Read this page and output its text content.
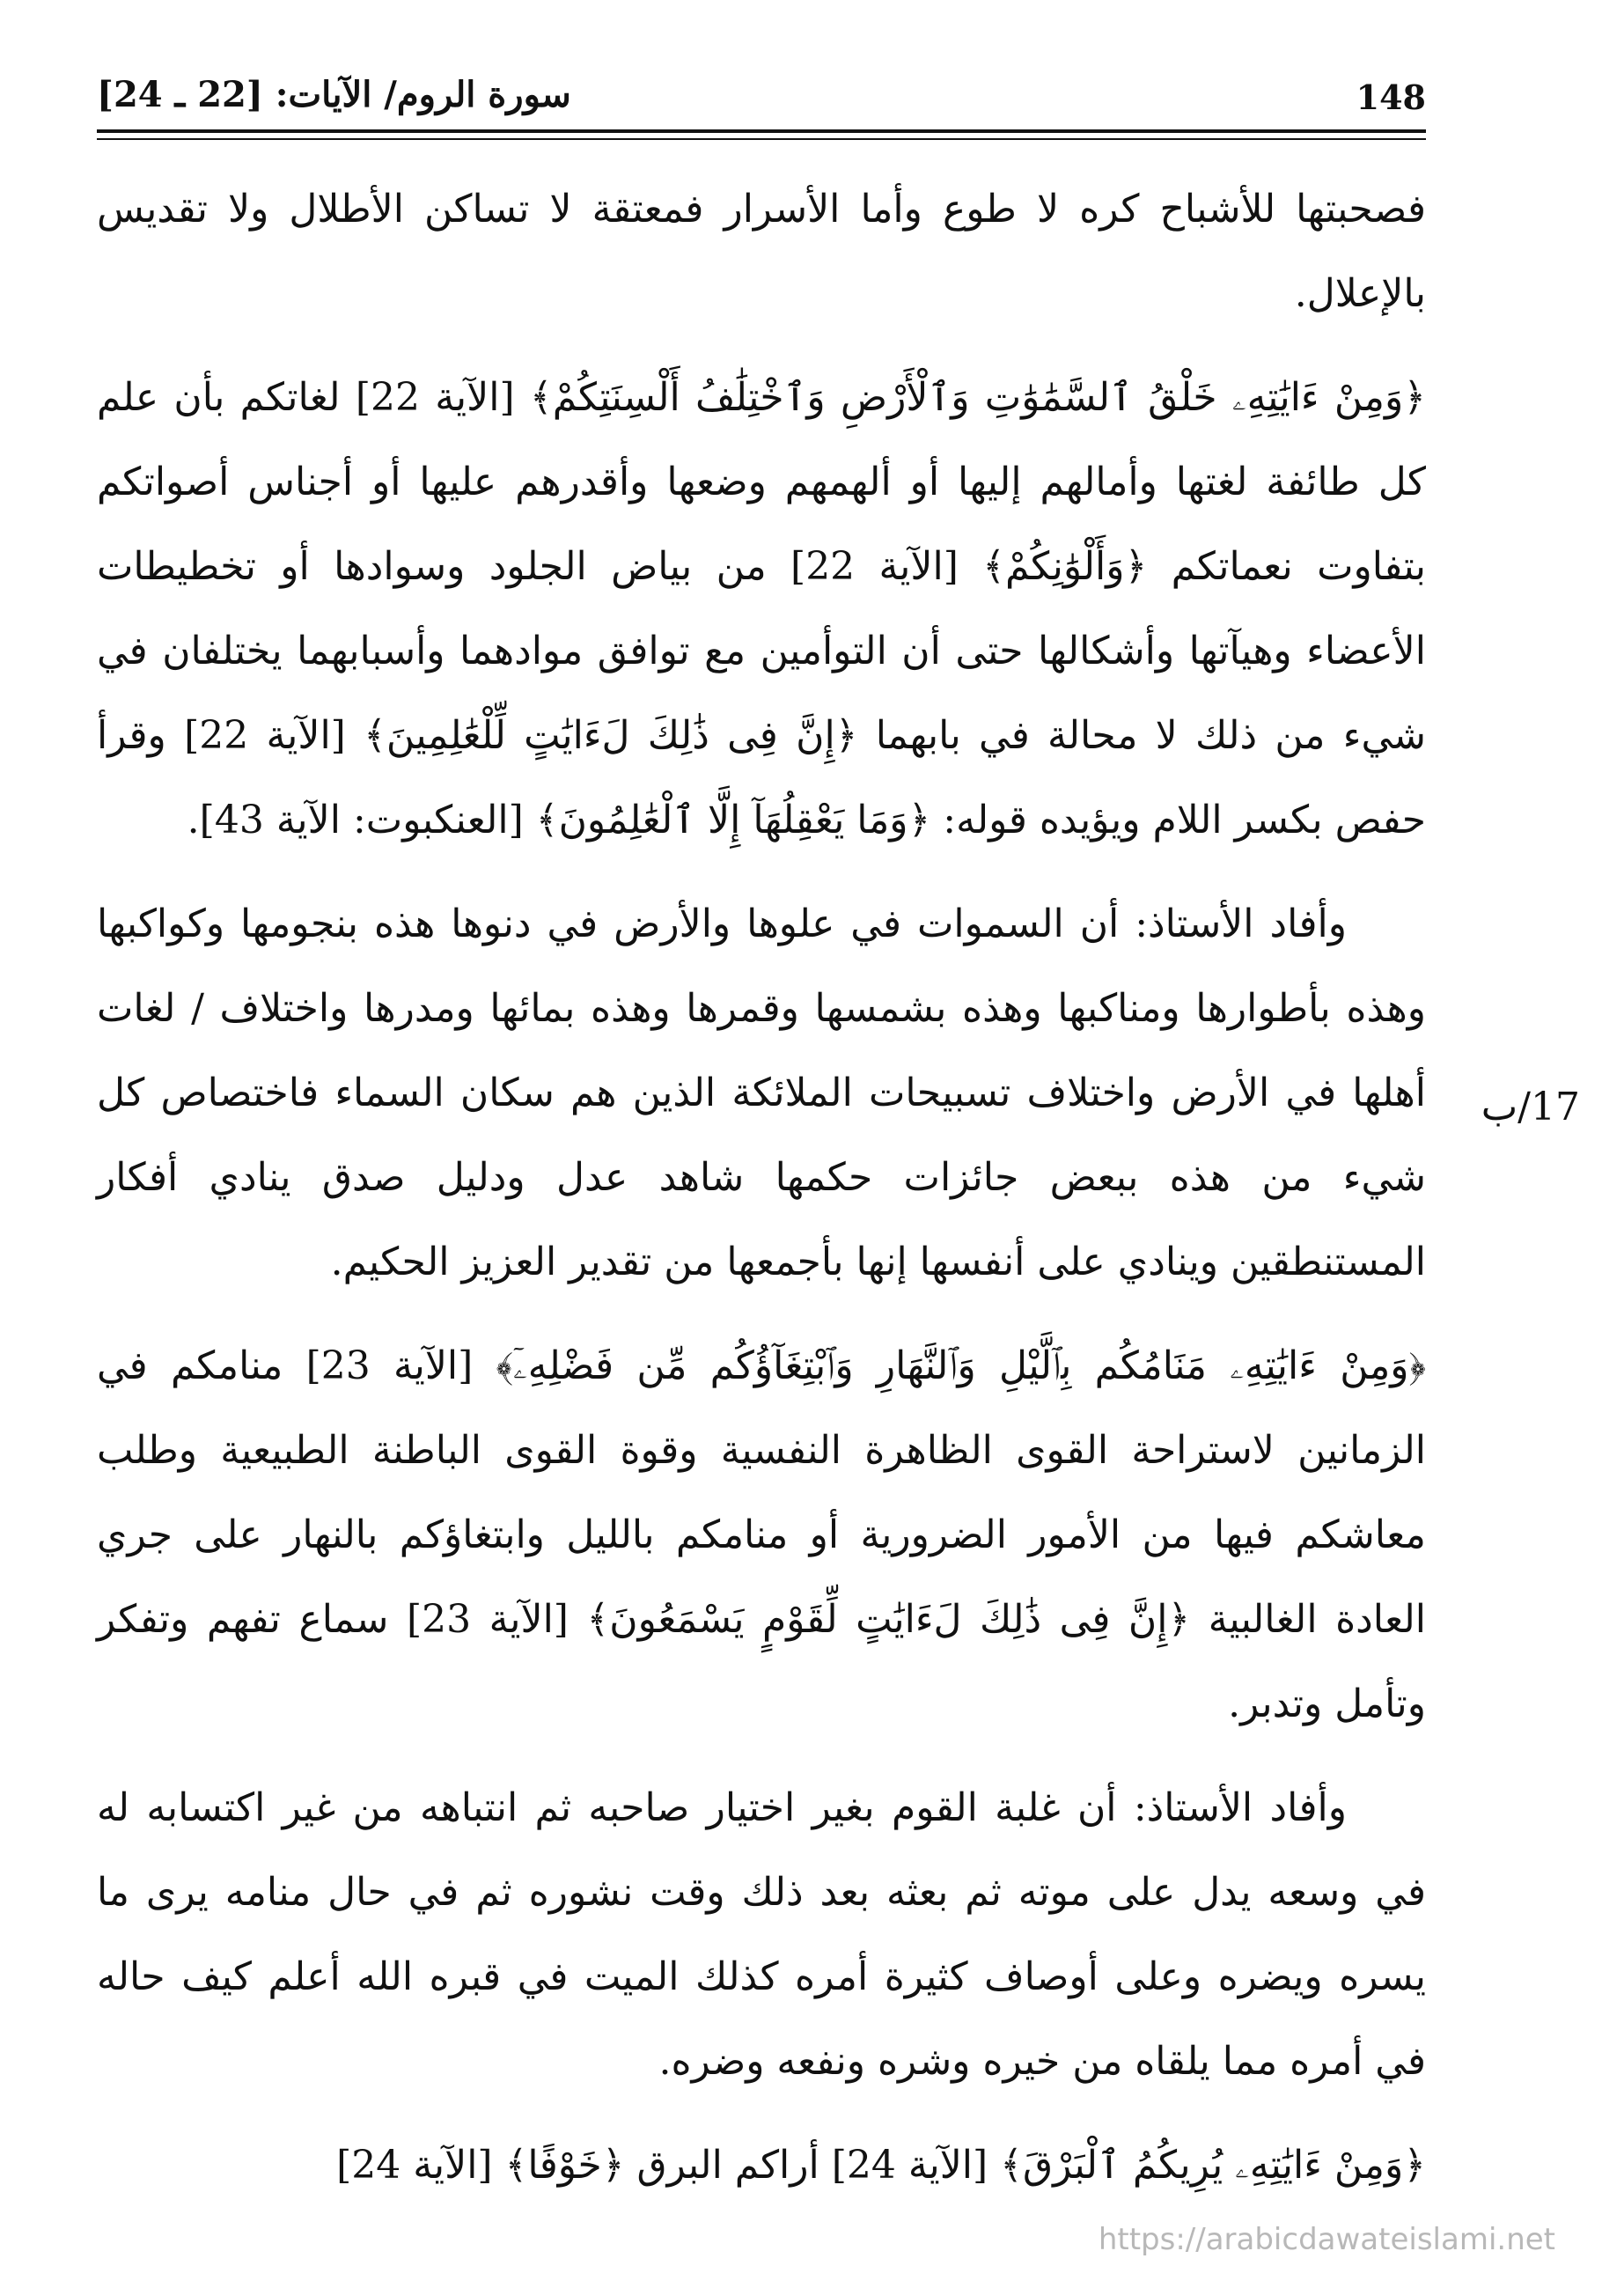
148
سورة الروم/ الآيات: [22 ـ 24]
17/ب

فصحبتها للأشباح كره لا طوع وأما الأسرار فمعتقة لا تساكن الأطلال ولا تقديس بالإعلال.

﴿وَمِنْ ءَايَٰتِهِۦ خَلْقُ ٱلسَّمَٰوَٰتِ وَٱلْأَرْضِ وَٱخْتِلَٰفُ أَلْسِنَتِكُمْ﴾ [الآية 22] لغاتكم بأن علم كل طائفة لغتها وأمالهم إليها أو ألهمهم وضعها وأقدرهم عليها أو أجناس أصواتكم بتفاوت نعماتكم ﴿وَأَلْوَٰنِكُمْ﴾ [الآية 22] من بياض الجلود وسوادها أو تخطيطات الأعضاء وهيآتها وأشكالها حتى أن التوأمين مع توافق موادهما وأسبابهما يختلفان في شيء من ذلك لا محالة في بابهما ﴿إِنَّ فِى ذَٰلِكَ لَءَايَٰتٍ لِّلْعَٰلِمِينَ﴾ [الآية 22] وقرأ حفص بكسر اللام ويؤيده قوله: ﴿وَمَا يَعْقِلُهَآ إِلَّا ٱلْعَٰلِمُونَ﴾ [العنكبوت: الآية 43].

وأفاد الأستاذ: أن السموات في علوها والأرض في دنوها هذه بنجومها وكواكبها وهذه بأطوارها ومناكبها وهذه بشمسها وقمرها وهذه بمائها ومدرها واختلاف / لغات أهلها في الأرض واختلاف تسبيحات الملائكة الذين هم سكان السماء فاختصاص كل شيء من هذه ببعض جائزات حكمها شاهد عدل ودليل صدق ينادي أفكار المستنطقين وينادي على أنفسها إنها بأجمعها من تقدير العزيز الحكيم.

﴿وَمِنْ ءَايَٰتِهِۦ مَنَامُكُم بِٱلَّيْلِ وَٱلنَّهَارِ وَٱبْتِغَآؤُكُم مِّن فَضْلِهِۦٓ﴾ [الآية 23] منامكم في الزمانين لاستراحة القوى الظاهرة النفسية وقوة القوى الباطنة الطبيعية وطلب معاشكم فيها من الأمور الضرورية أو منامكم بالليل وابتغاؤكم بالنهار على جري العادة الغالبية ﴿إِنَّ فِى ذَٰلِكَ لَءَايَٰتٍ لِّقَوْمٍ يَسْمَعُونَ﴾ [الآية 23] سماع تفهم وتفكر وتأمل وتدبر.

وأفاد الأستاذ: أن غلبة القوم بغير اختيار صاحبه ثم انتباهه من غير اكتسابه له في وسعه يدل على موته ثم بعثه بعد ذلك وقت نشوره ثم في حال منامه يرى ما يسره ويضره وعلى أوصاف كثيرة أمره كذلك الميت في قبره الله أعلم كيف حاله في أمره مما يلقاه من خيره وشره ونفعه وضره.

﴿وَمِنْ ءَايَٰتِهِۦ يُرِيكُمُ ٱلْبَرْقَ﴾ [الآية 24] أراكم البرق ﴿خَوْفًا﴾ [الآية 24]

https://arabicdawateislami.net
